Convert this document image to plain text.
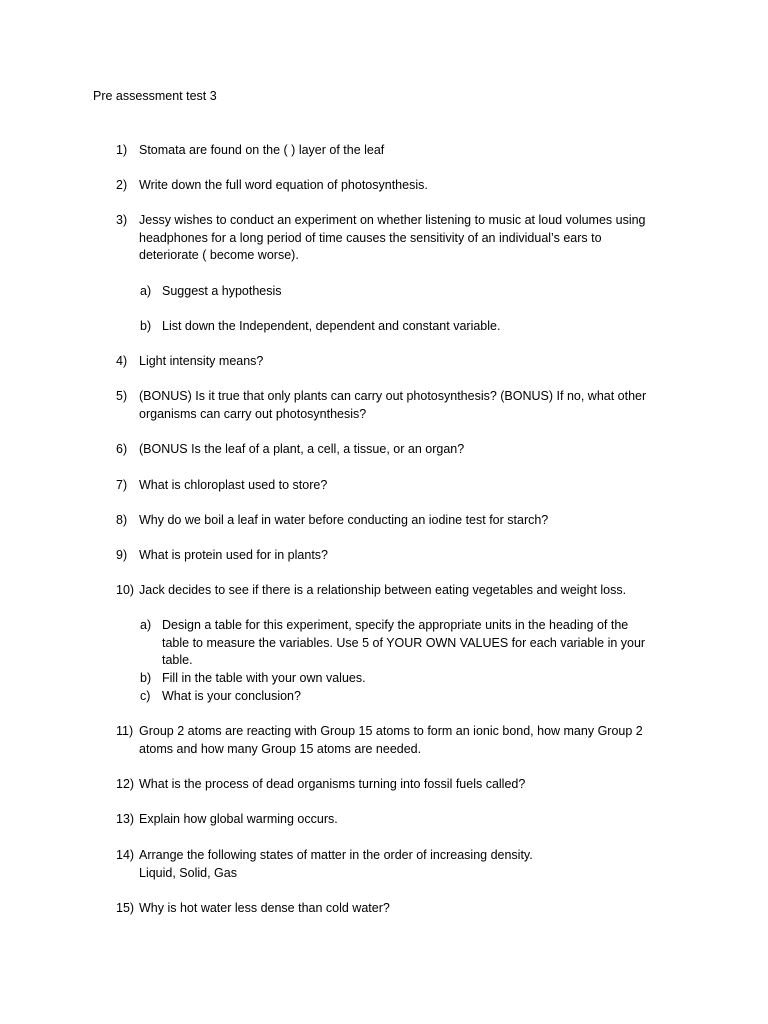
Pre assessment test 3
1) Stomata are found on the ( ) layer of the leaf
2) Write down the full word equation of photosynthesis.
3) Jessy wishes to conduct an experiment on whether listening to music at loud volumes using
headphones for a long period of time causes the sensitivity of an individual’s ears to
deteriorate ( become worse).
a) Suggest a hypothesis
b) List down the Independent, dependent and constant variable.
4) Light intensity means?
5) (BONUS) Is it true that only plants can carry out photosynthesis? (BONUS) If no, what other
organisms can carry out photosynthesis?
6) (BONUS Is the leaf of a plant, a cell, a tissue, or an organ?
7) What is chloroplast used to store?
8) Why do we boil a leaf in water before conducting an iodine test for starch?
9) What is protein used for in plants?
10) Jack decides to see if there is a relationship between eating vegetables and weight loss.
a) Design a table for this experiment, specify the appropriate units in the heading of the
table to measure the variables. Use 5 of YOUR OWN VALUES for each variable in your
table.
b) Fill in the table with your own values.
c) What is your conclusion?
11) Group 2 atoms are reacting with Group 15 atoms to form an ionic bond, how many Group 2
atoms and how many Group 15 atoms are needed.
12) What is the process of dead organisms turning into fossil fuels called?
13) Explain how global warming occurs.
14) Arrange the following states of matter in the order of increasing density.
Liquid, Solid, Gas
15) Why is hot water less dense than cold water?
